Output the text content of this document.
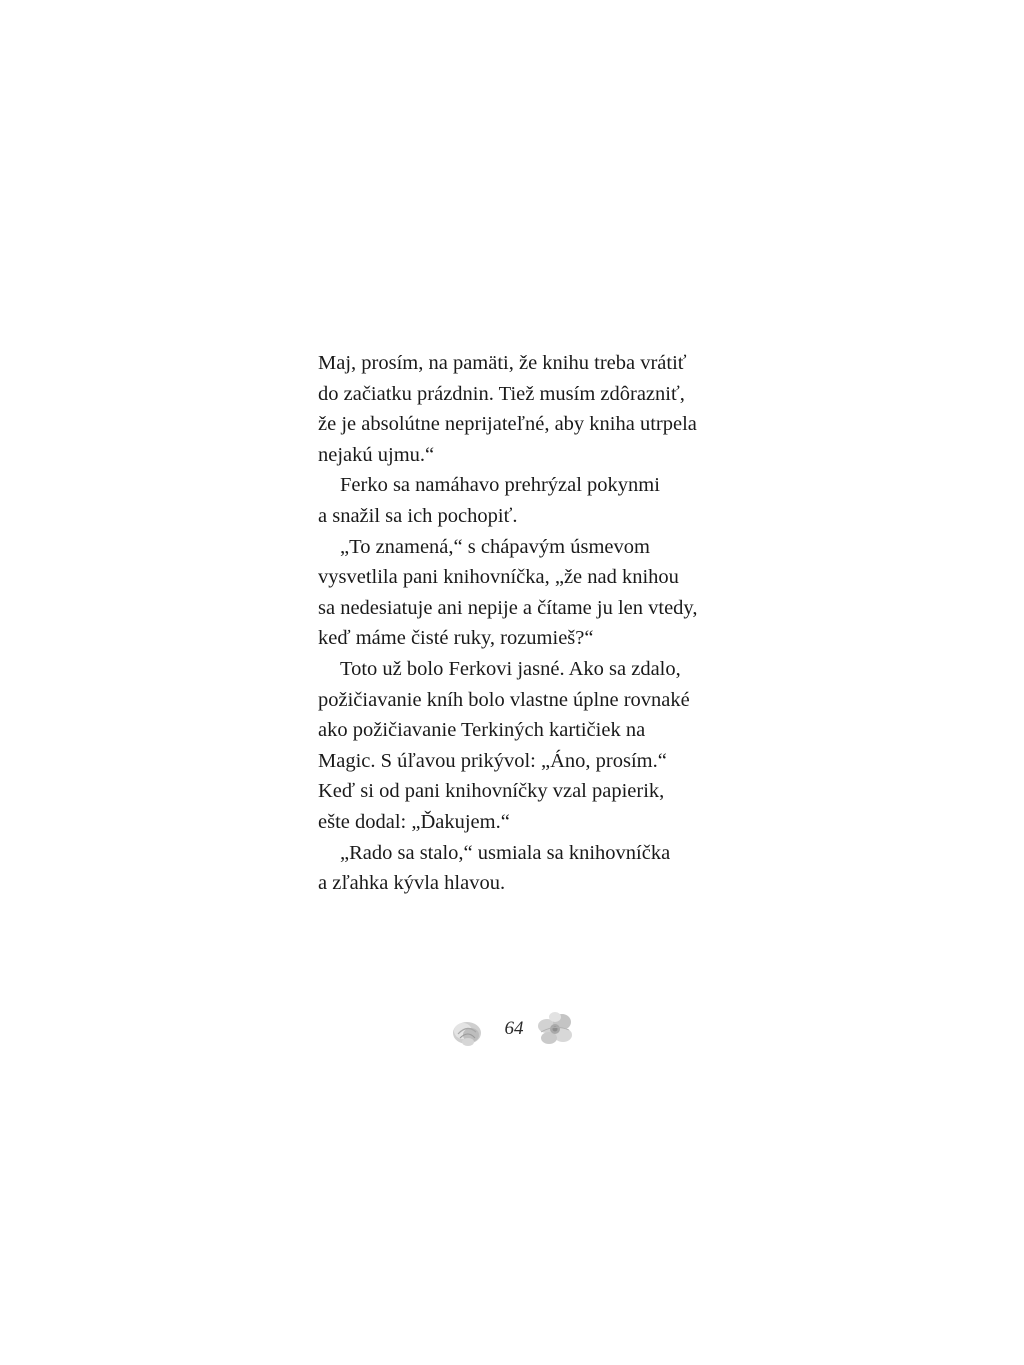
Maj, prosím, na pamäti, že knihu treba vrátiť
do začiatku prázdnin. Tiež musím zdôrazniť,
že je absolútne neprijateľné, aby kniha utrpela
nejakú ujmu.“
Ferko sa namáhavo prehrýzal pokynmi
a snažil sa ich pochopiť.
„To znamená,“ s chápavým úsmevom
vysvetlila pani knihovníčka, „že nad knihou
sa nedesiatuje ani nepije a čítame ju len vtedy,
keď máme čisté ruky, rozumieš?“
Toto už bolo Ferkovi jasné. Ako sa zdalo,
požičiavanie kníh bolo vlastne úplne rovnaké
ako požičiavanie Terkiných kartičiek na
Magic. S úľavou prikývol: „Áno, prosím.“
Keď si od pani knihovníčky vzal papierik,
ešte dodal: „Ďakujem.“
„Rado sa stalo,“ usmiala sa knihovníčka
a zľahka kývla hlavou.
64
